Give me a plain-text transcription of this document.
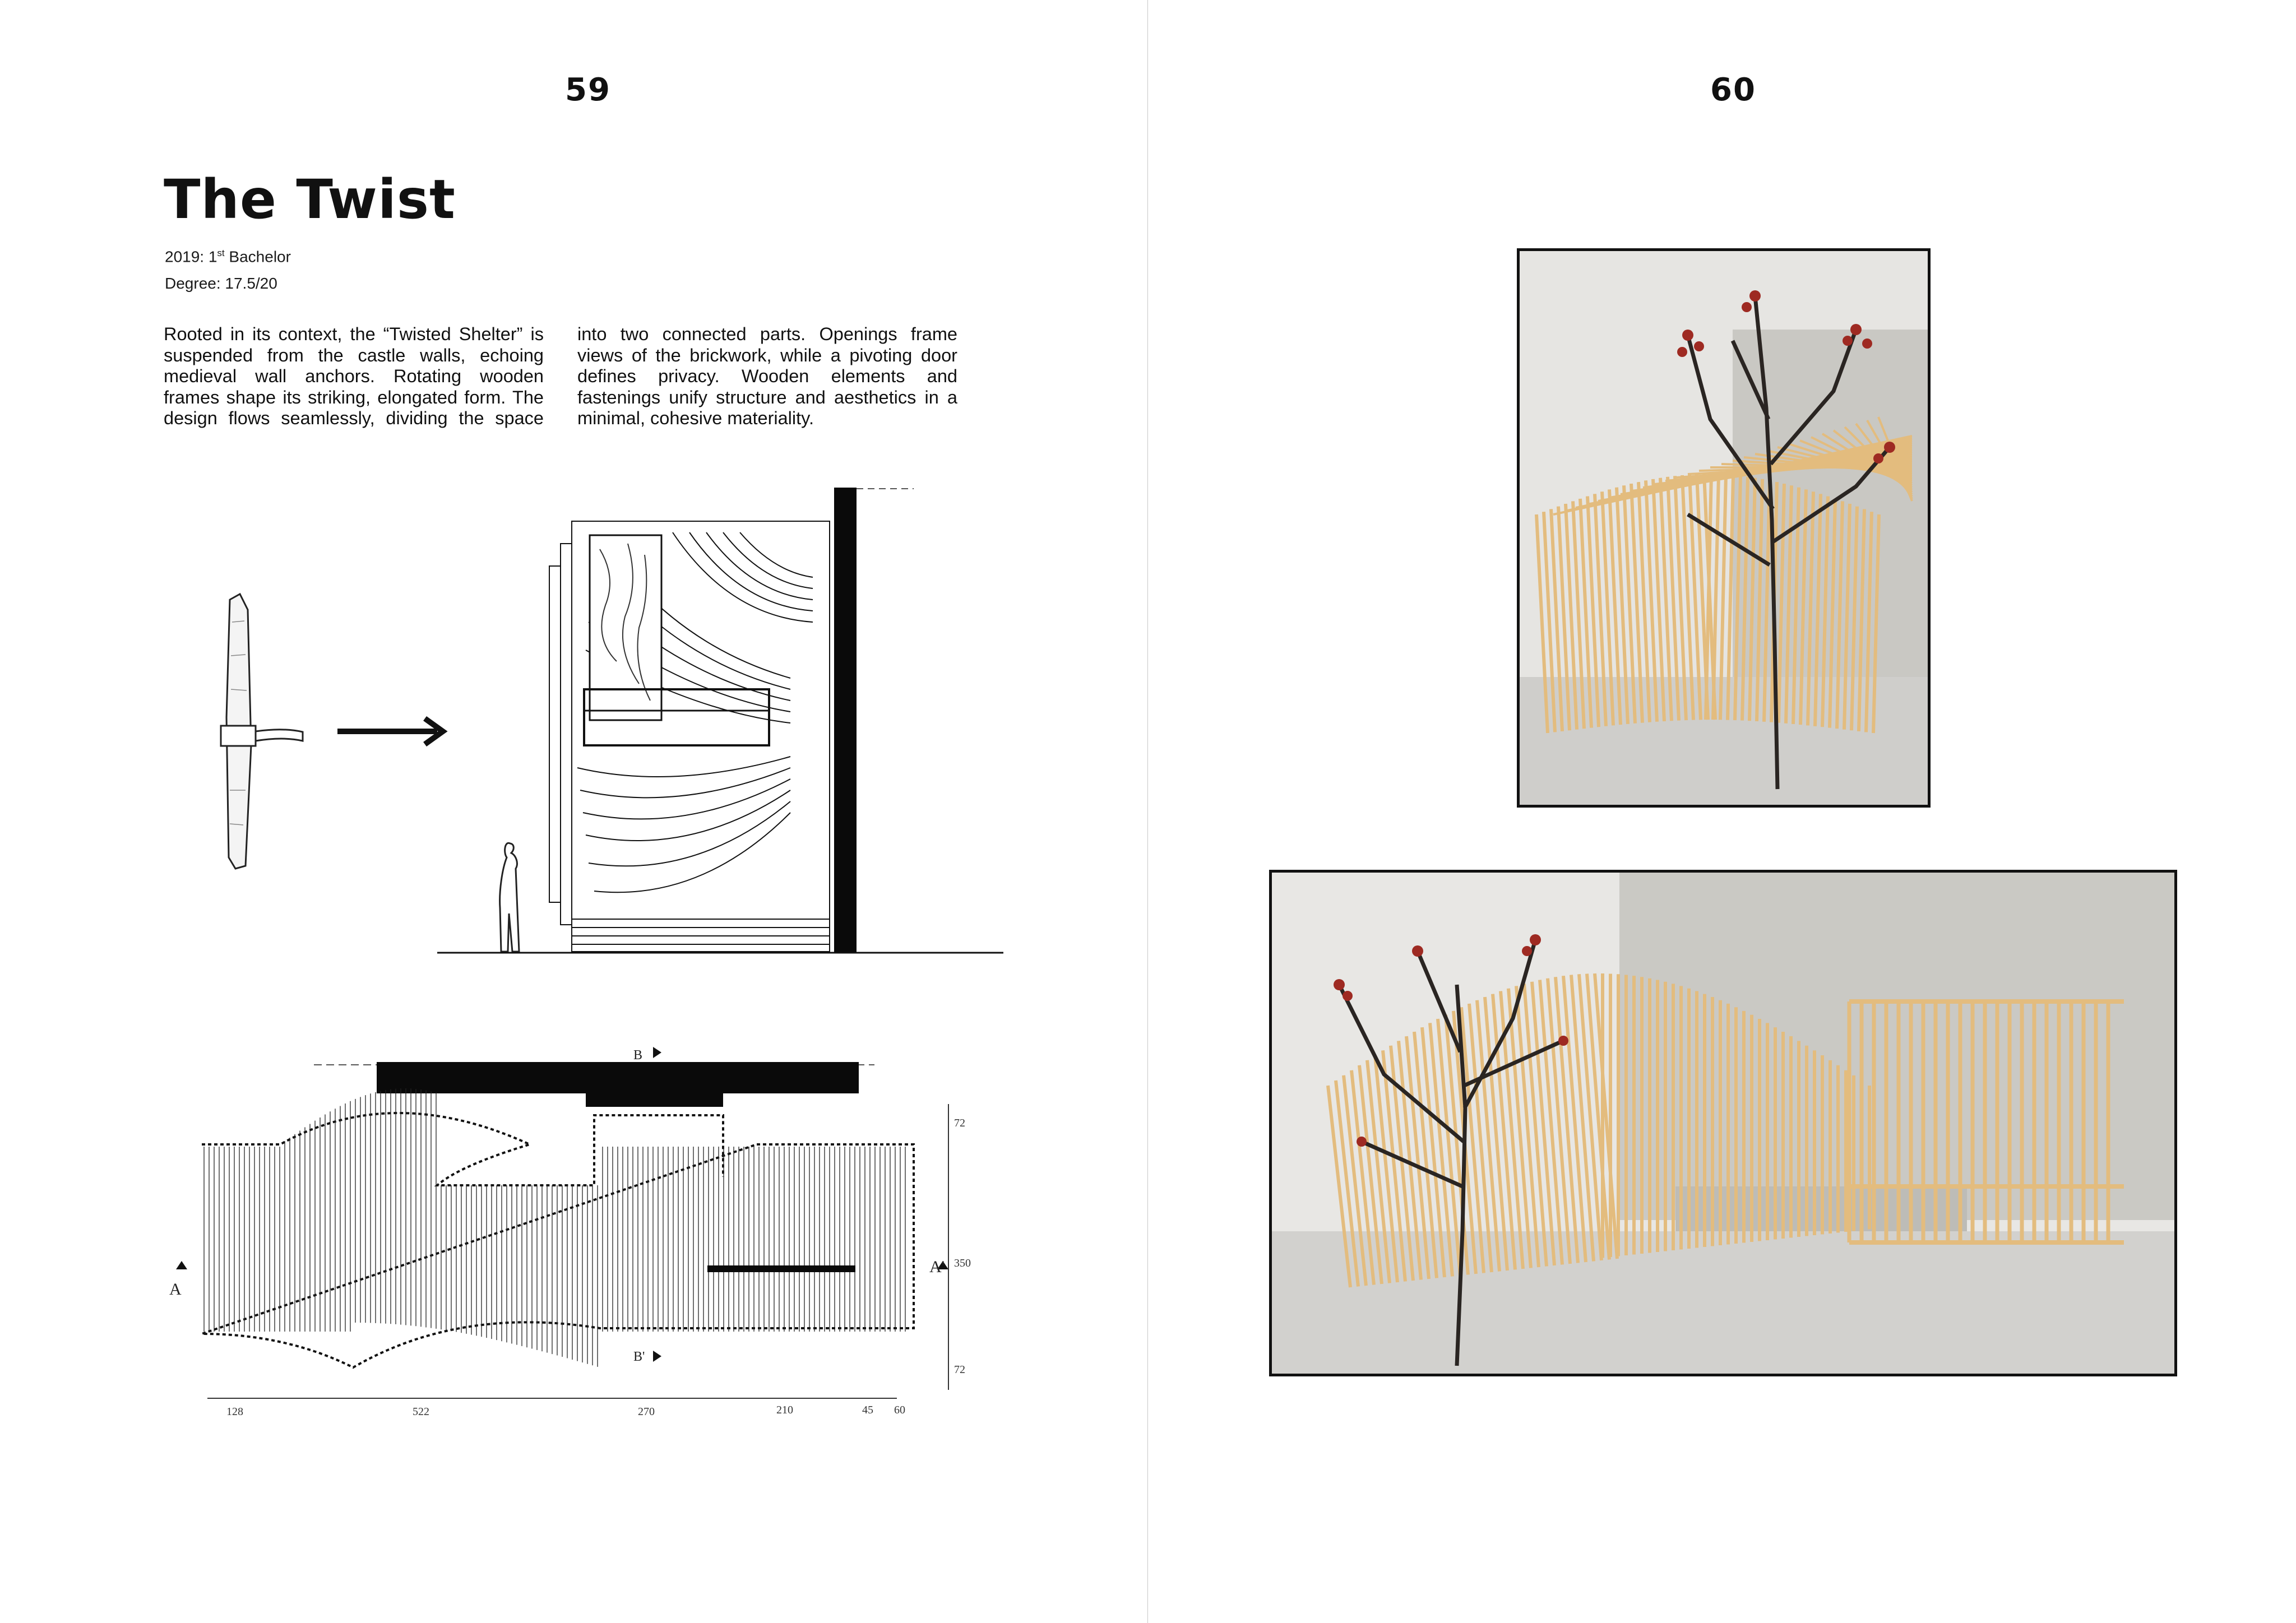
59
The Twist
2019: 1st Bachelor
Degree: 17.5/20

Rooted in its context, the “Twisted Shelter” is suspended from the castle walls, echoing medieval wall anchors. Rotating wooden frames shape its striking, elongated form. The design flows seamlessly, dividing the space

into two connected parts. Openings frame views of the brickwork, while a pivoting door defines privacy. Wooden elements and fastenings unify structure and aesthetics in a minimal, cohesive materiality.

A
A'
B
B'
72
350
72
128	522	270	210	45 60
60
